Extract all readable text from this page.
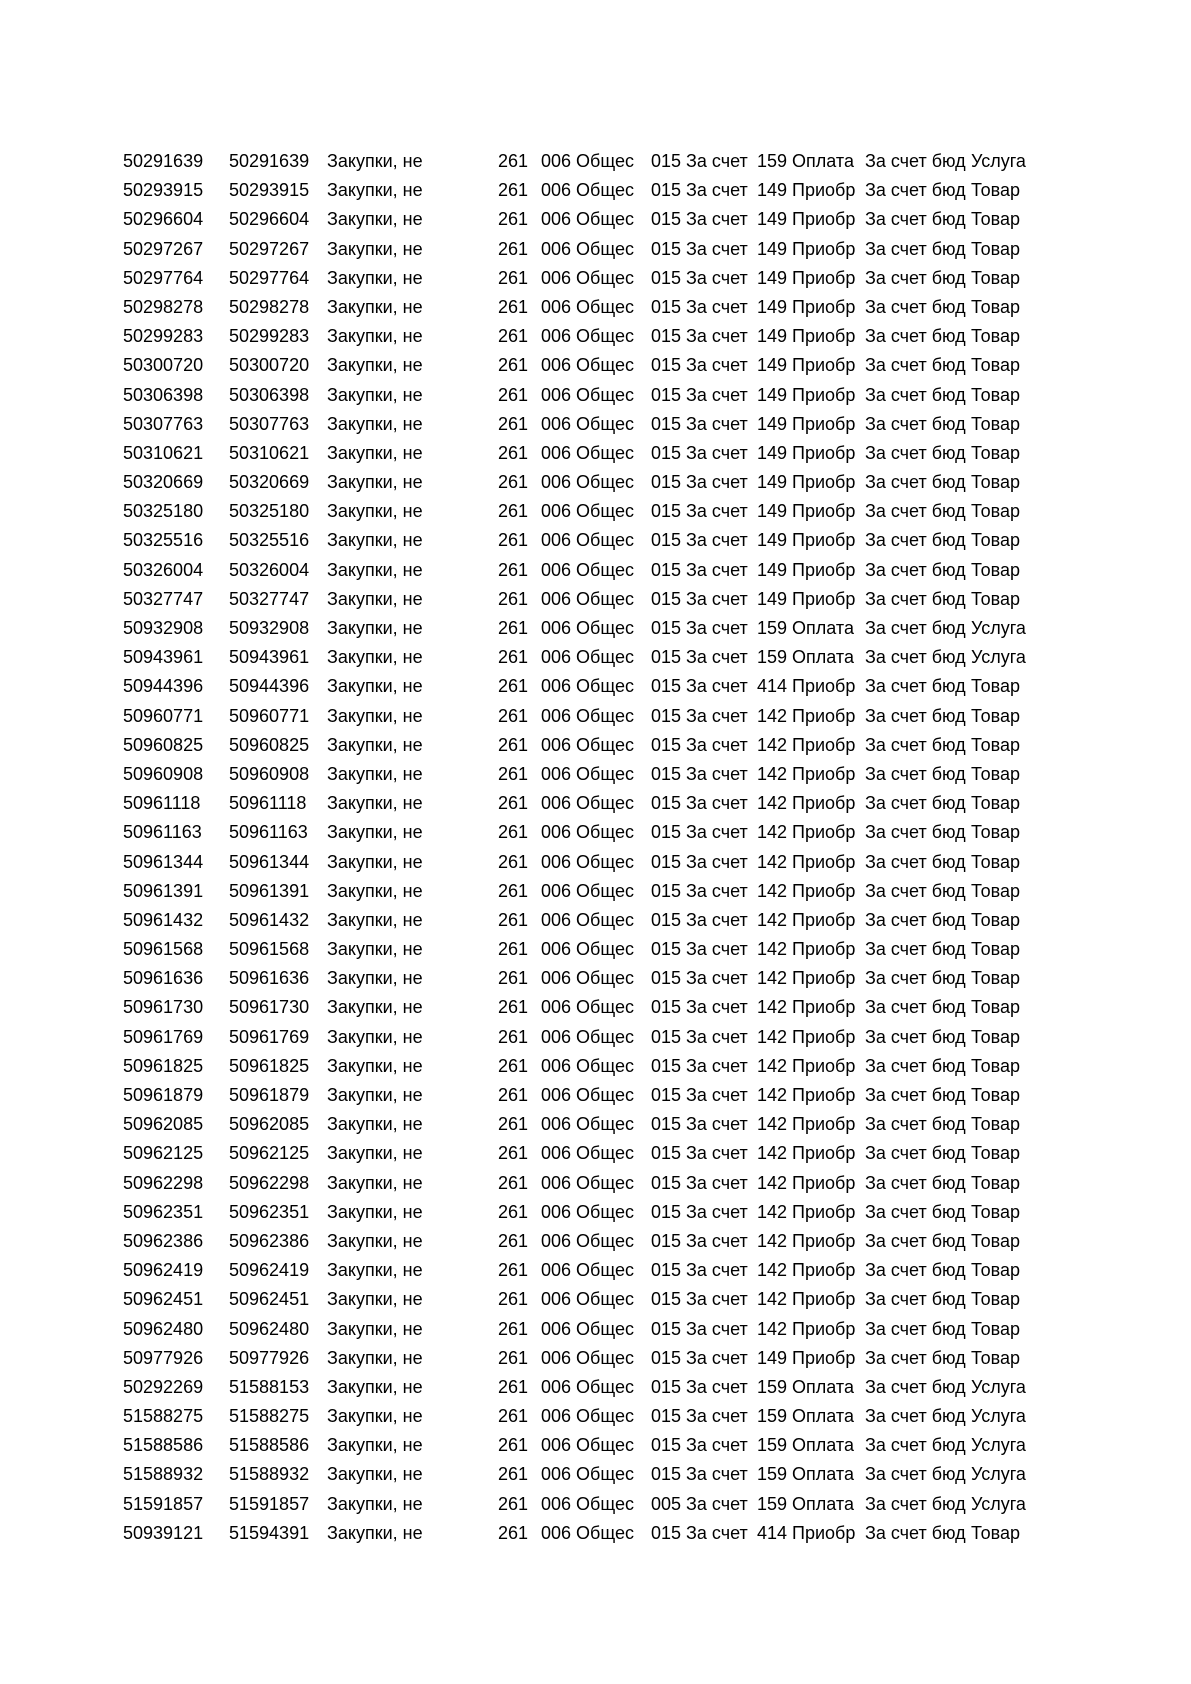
50291639	50291639 Закупки, не	261 006 Общес 015 За счет 159 Оплата За счет бюд Услуга
50293915	50293915 Закупки, не	261 006 Общес 015 За счет 149 Приобр За счет бюд Товар
50296604	50296604 Закупки, не	261 006 Общес 015 За счет 149 Приобр За счет бюд Товар
50297267	50297267 Закупки, не	261 006 Общес 015 За счет 149 Приобр За счет бюд Товар
50297764	50297764 Закупки, не	261 006 Общес 015 За счет 149 Приобр За счет бюд Товар
50298278	50298278 Закупки, не	261 006 Общес 015 За счет 149 Приобр За счет бюд Товар
50299283	50299283 Закупки, не	261 006 Общес 015 За счет 149 Приобр За счет бюд Товар
50300720	50300720 Закупки, не	261 006 Общес 015 За счет 149 Приобр За счет бюд Товар
50306398	50306398 Закупки, не	261 006 Общес 015 За счет 149 Приобр За счет бюд Товар
50307763	50307763 Закупки, не	261 006 Общес 015 За счет 149 Приобр За счет бюд Товар
50310621	50310621 Закупки, не	261 006 Общес 015 За счет 149 Приобр За счет бюд Товар
50320669	50320669 Закупки, не	261 006 Общес 015 За счет 149 Приобр За счет бюд Товар
50325180	50325180 Закупки, не	261 006 Общес 015 За счет 149 Приобр За счет бюд Товар
50325516	50325516 Закупки, не	261 006 Общес 015 За счет 149 Приобр За счет бюд Товар
50326004	50326004 Закупки, не	261 006 Общес 015 За счет 149 Приобр За счет бюд Товар
50327747	50327747 Закупки, не	261 006 Общес 015 За счет 149 Приобр За счет бюд Товар
50932908	50932908 Закупки, не	261 006 Общес 015 За счет 159 Оплата За счет бюд Услуга
50943961	50943961 Закупки, не	261 006 Общес 015 За счет 159 Оплата За счет бюд Услуга
50944396	50944396 Закупки, не	261 006 Общес 015 За счет 414 Приобр За счет бюд Товар
50960771	50960771 Закупки, не	261 006 Общес 015 За счет 142 Приобр За счет бюд Товар
50960825	50960825 Закупки, не	261 006 Общес 015 За счет 142 Приобр За счет бюд Товар
50960908	50960908 Закупки, не	261 006 Общес 015 За счет 142 Приобр За счет бюд Товар
50961118	50961118	Закупки, не	261 006 Общес 015 За счет 142 Приобр За счет бюд Товар
50961163	50961163	Закупки, не	261 006 Общес 015 За счет 142 Приобр За счет бюд Товар
50961344	50961344 Закупки, не	261 006 Общес 015 За счет 142 Приобр За счет бюд Товар
50961391	50961391 Закупки, не	261 006 Общес 015 За счет 142 Приобр За счет бюд Товар
50961432	50961432 Закупки, не	261 006 Общес 015 За счет 142 Приобр За счет бюд Товар
50961568	50961568 Закупки, не	261 006 Общес 015 За счет 142 Приобр За счет бюд Товар
50961636	50961636 Закупки, не	261 006 Общес 015 За счет 142 Приобр За счет бюд Товар
50961730	50961730 Закупки, не	261 006 Общес 015 За счет 142 Приобр За счет бюд Товар
50961769	50961769 Закупки, не	261 006 Общес 015 За счет 142 Приобр За счет бюд Товар
50961825	50961825 Закупки, не	261 006 Общес 015 За счет 142 Приобр За счет бюд Товар
50961879	50961879 Закупки, не	261 006 Общес 015 За счет 142 Приобр За счет бюд Товар
50962085	50962085 Закупки, не	261 006 Общес 015 За счет 142 Приобр За счет бюд Товар
50962125	50962125 Закупки, не	261 006 Общес 015 За счет 142 Приобр За счет бюд Товар
50962298	50962298 Закупки, не	261 006 Общес 015 За счет 142 Приобр За счет бюд Товар
50962351	50962351 Закупки, не	261 006 Общес 015 За счет 142 Приобр За счет бюд Товар
50962386	50962386 Закупки, не	261 006 Общес 015 За счет 142 Приобр За счет бюд Товар
50962419	50962419 Закупки, не	261 006 Общес 015 За счет 142 Приобр За счет бюд Товар
50962451	50962451 Закупки, не	261 006 Общес 015 За счет 142 Приобр За счет бюд Товар
50962480	50962480 Закупки, не	261 006 Общес 015 За счет 142 Приобр За счет бюд Товар
50977926	50977926 Закупки, не	261 006 Общес 015 За счет 149 Приобр За счет бюд Товар
50292269	51588153 Закупки, не	261 006 Общес 015 За счет 159 Оплата За счет бюд Услуга
51588275	51588275 Закупки, не	261 006 Общес 015 За счет 159 Оплата За счет бюд Услуга
51588586	51588586 Закупки, не	261 006 Общес 015 За счет 159 Оплата За счет бюд Услуга
51588932	51588932 Закупки, не	261 006 Общес 015 За счет 159 Оплата За счет бюд Услуга
51591857	51591857 Закупки, не	261 006 Общес 005 За счет 159 Оплата За счет бюд Услуга
50939121	51594391 Закупки, не	261 006 Общес 015 За счет 414 Приобр За счет бюд Товар
